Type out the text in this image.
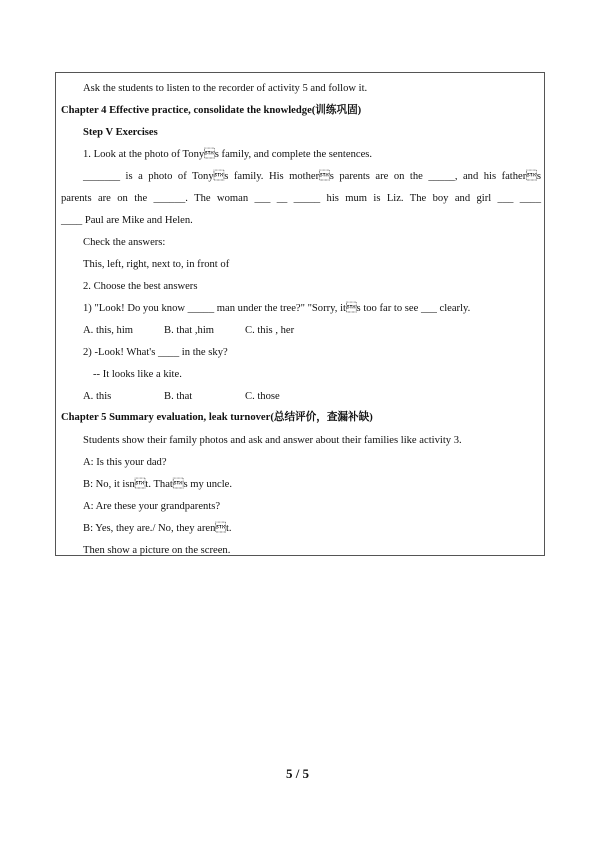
Ask the students to listen to the recorder of activity 5 and follow it.
Chapter 4 Effective practice, consolidate the knowledge(训练巩固)
Step V Exercises
1. Look at the photo of Tonys family, and complete the sentences.
_______ is a photo of Tonys family. His mothers parents are on the _____, and his fathers
parents are on the ______. The woman ___ __ _____ his mum is Liz. The boy and girl ___ ____
____ Paul are Mike and Helen.
Check the answers:
This, left, right, next to, in front of
2. Choose the best answers
1) "Look! Do you know _____ man under the tree?" "Sorry, its too far to see ___ clearly.
A. this, him	B. that ,him	C. this , her
2) -Look! What's ____ in the sky?
-- It looks like a kite.
A. this	B. that	C. those
Chapter 5 Summary evaluation, leak turnover(总结评价，查漏补缺)
Students show their family photos and ask and answer about their families like activity 3.
A: Is this your dad?
B: No, it isnt. Thats my uncle.
A: Are these your grandparents?
B: Yes, they are./ No, they arent.
Then show a picture on the screen.
5 / 5
